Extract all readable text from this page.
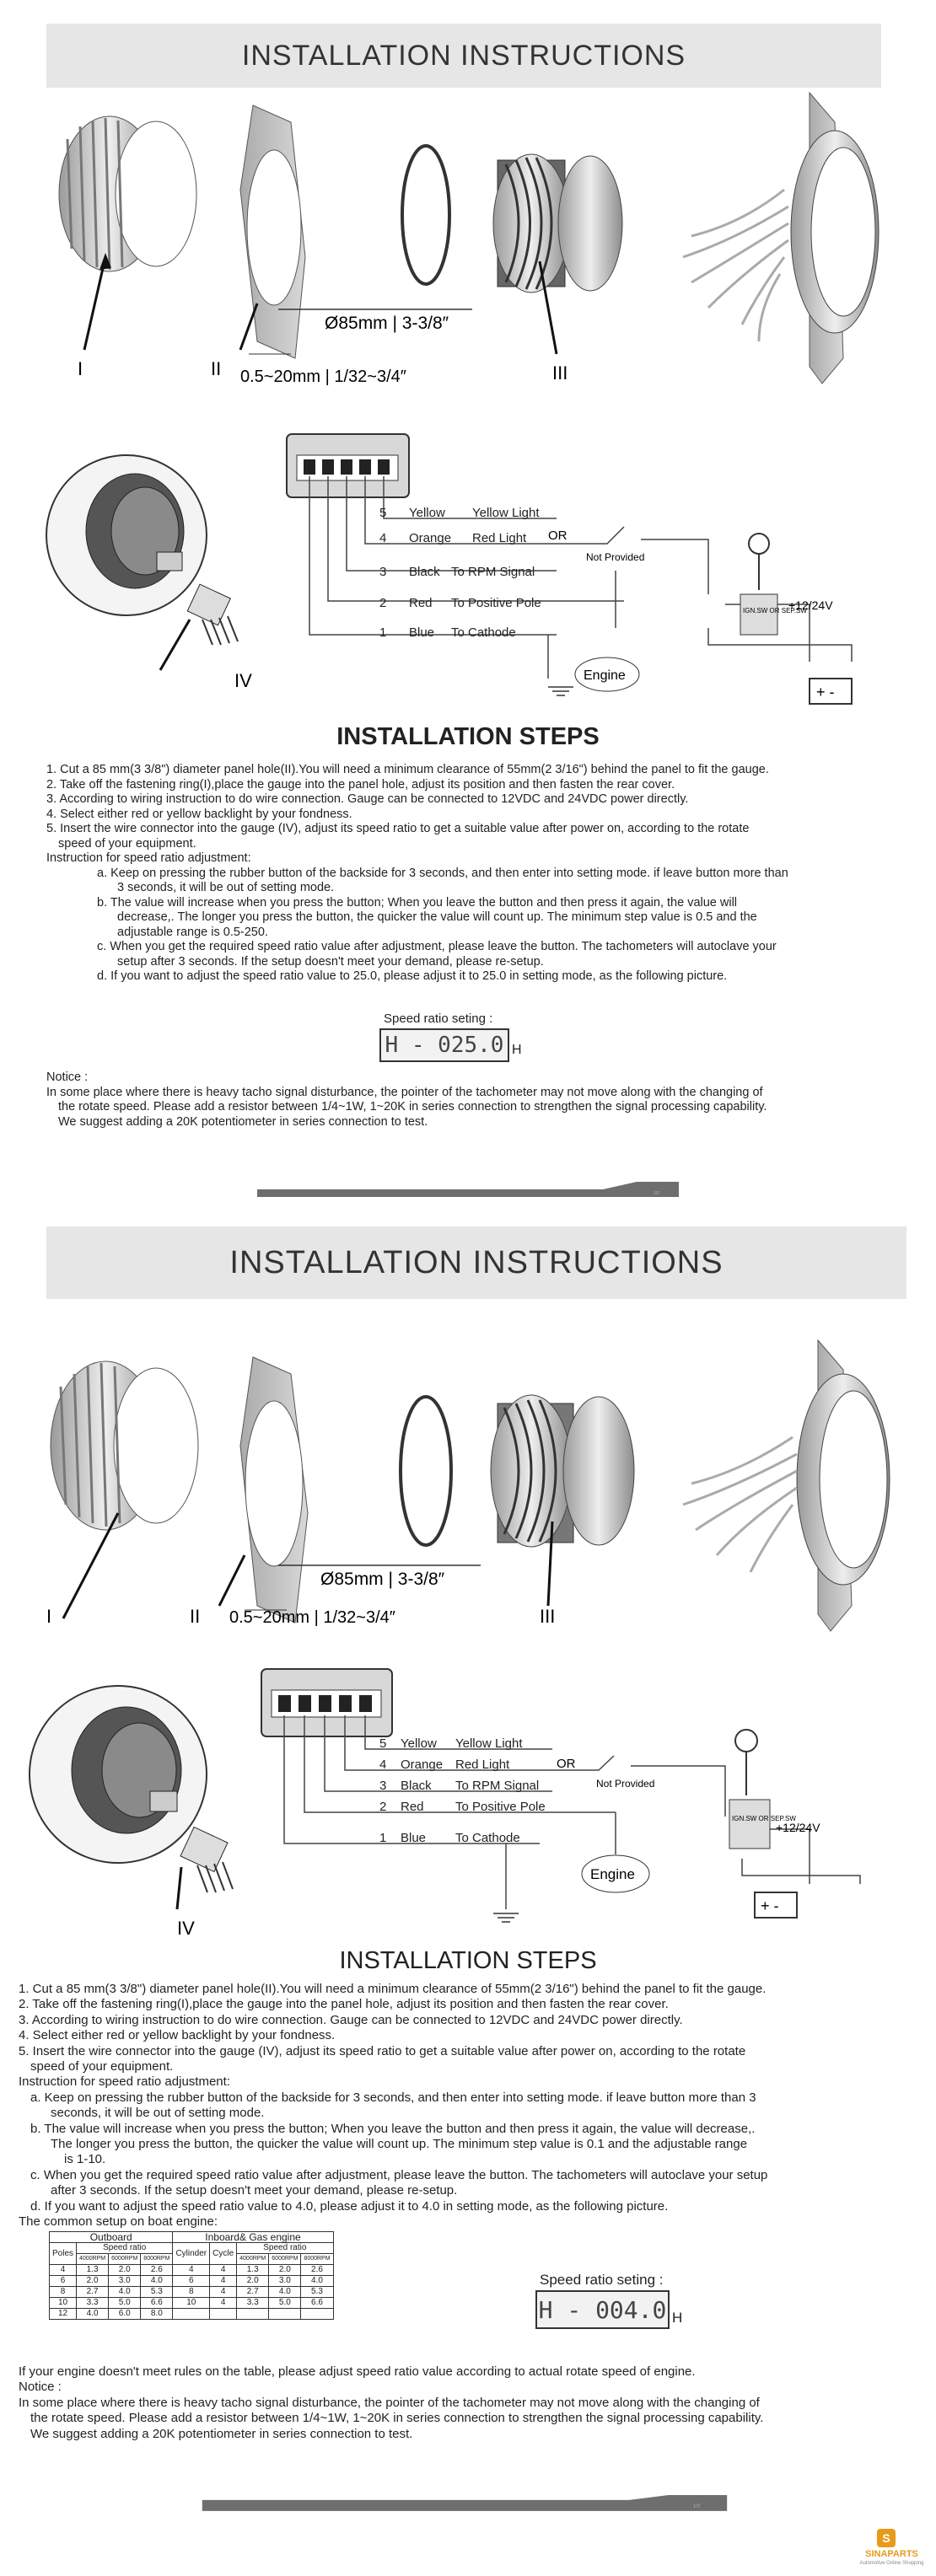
INSTALLATION INSTRUCTIONS
I	II	III
Ø85mm | 3-3/8″
0.5~20mm | 1/32~3/4″
IV
5 Yellow Yellow Light
4 Orange Red Light
3 Black To RPM Signal
2 Red To Positive Pole
1 Blue To Cathode
OR
Not Provided
IGN.SW OR SEP.SW
+12/24V
+ -
Engine
INSTALLATION STEPS

1. Cut a 85 mm(3 3/8") diameter panel hole(II).You will need a minimum clearance of 55mm(2 3/16") behind the panel to fit the gauge.

2. Take off the fastening ring(I),place the gauge into the panel hole, adjust its position and then fasten the rear cover.

3. According to wiring instruction to do wire connection. Gauge can be connected to 12VDC and 24VDC power directly.

4. Select either red or yellow backlight by your fondness.

5. Insert the wire connector into the gauge (IV), adjust its speed ratio to get a suitable value after power on, according to the rotate

speed of your equipment.

Instruction for speed ratio adjustment:

a. Keep on pressing the rubber button of the backside for 3 seconds, and then enter into setting mode. if leave button more than

3 seconds, it will be out of setting mode.

b. The value will increase when you press the button; When you leave the button and then press it again, the value will

decrease,. The longer you press the button, the quicker the value will count up. The minimum step value is 0.5 and the

adjustable range is 0.5-250.

c. When you get the required speed ratio value after adjustment, please leave the button. The tachometers will autoclave your

setup after 3 seconds. If the setup doesn't meet your demand, please re-setup.

d. If you want to adjust the speed ratio value to 25.0, please adjust it to 25.0 in setting mode, as the following picture.

Speed ratio seting :
H - 025.0 H

Notice :

In some place where there is heavy tacho signal disturbance, the pointer of the tachometer may not move along with the changing of

the rotate speed. Please add a resistor between 1/4~1W, 1~20K in series connection to strengthen the signal processing capability.

We suggest adding a 20K potentiometer in series connection to test.

1/2
INSTALLATION INSTRUCTIONS
I	II	III
Ø85mm | 3-3/8″
0.5~20mm | 1/32~3/4″
IV
5 Yellow Yellow Light
4 Orange Red Light
3 Black To RPM Signal
2 Red To Positive Pole
1 Blue To Cathode
OR
Not Provided
IGN.SW OR SEP.SW
+12/24V
+ -
Engine
INSTALLATION STEPS

1. Cut a 85 mm(3 3/8") diameter panel hole(II).You will need a minimum clearance of 55mm(2 3/16") behind the panel to fit the gauge.

2. Take off the fastening ring(I),place the gauge into the panel hole, adjust its position and then fasten the rear cover.

3. According to wiring instruction to do wire connection. Gauge can be connected to 12VDC and 24VDC power directly.

4. Select either red or yellow backlight by your fondness.

5. Insert the wire connector into the gauge (IV), adjust its speed ratio to get a suitable value after power on, according to the rotate

speed of your equipment.

Instruction for speed ratio adjustment:

a. Keep on pressing the rubber button of the backside for 3 seconds, and then enter into setting mode. if leave button more than 3

seconds, it will be out of setting mode.

b. The value will increase when you press the button; When you leave the button and then press it again, the value will decrease,.

The longer you press the button, the quicker the value will count up. The minimum step value is 0.1 and the adjustable range

is 1-10.

c. When you get the required speed ratio value after adjustment, please leave the button. The tachometers will autoclave your setup

after 3 seconds. If the setup doesn't meet your demand, please re-setup.

d. If you want to adjust the speed ratio value to 4.0, please adjust it to 4.0 in setting mode, as the following picture.

The common setup on boat engine:

Outboard				Inboard& Gas engine				
Poles	Speed ratio			Cylinder	Cycle	Speed ratio		
	4000RPM	6000RPM	8000RPM			4000RPM	6000RPM	8000RPM
4	1.3	2.0	2.6	4	4	1.3	2.0	2.6
6	2.0	3.0	4.0	6	4	2.0	3.0	4.0
8	2.7	4.0	5.3	8	4	2.7	4.0	5.3
10	3.3	5.0	6.6	10	4	3.3	5.0	6.6
12	4.0	6.0	8.0					
Speed ratio seting :
H - 004.0 H

If your engine doesn't meet rules on the table, please adjust speed ratio value according to actual rotate speed of engine.

Notice :

In some place where there is heavy tacho signal disturbance, the pointer of the tachometer may not move along with the changing of

the rotate speed. Please add a resistor between 1/4~1W, 1~20K in series connection to strengthen the signal processing capability.

We suggest adding a 20K potentiometer in series connection to test.

1/2
S
SINAPARTS
Automotive Online Shopping
